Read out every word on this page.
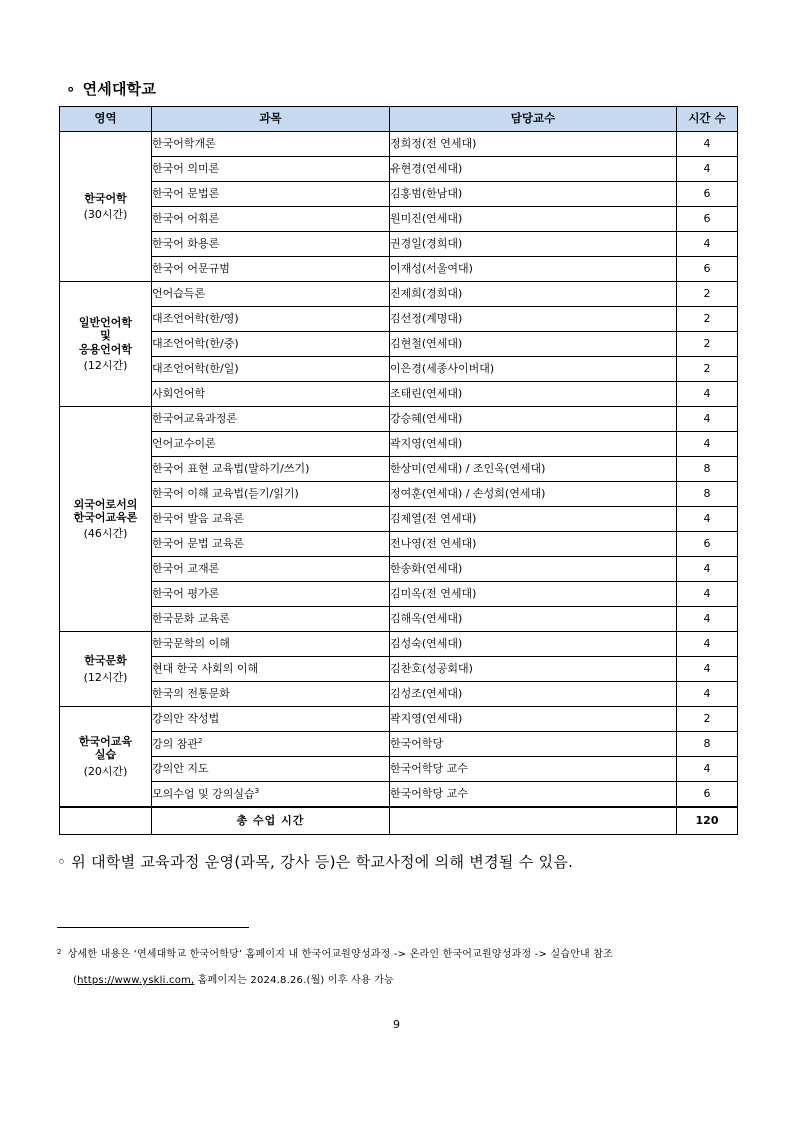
∘ 연세대학교
영역	과목	담당교수	시간 수

한국어학
(30시간)	한국어학개론	정희정(전 연세대)	4
	한국어 의미론	유현경(연세대)	4
	한국어 문법론	김홍범(한남대)	6
	한국어 어휘론	원미진(연세대)	6
	한국어 화용론	권경일(경희대)	4
	한국어 어문규범	이재성(서울여대)	6

일반언어학
및
응용언어학
(12시간)	언어습득론	진제희(경희대)	2
	대조언어학(한/영)	김선정(계명대)	2
	대조언어학(한/중)	김현철(연세대)	2
	대조언어학(한/일)	이은경(세종사이버대)	2
	사회언어학	조태린(연세대)	4

외국어로서의
한국어교육론
(46시간)	한국어교육과정론	강승혜(연세대)	4
	언어교수이론	곽지영(연세대)	4
	한국어 표현 교육법(말하기/쓰기)	한상미(연세대) / 조인옥(연세대)	8
	한국어 이해 교육법(듣기/읽기)	정여훈(연세대) / 손성희(연세대)	8
	한국어 발음 교육론	김제열(전 연세대)	4
	한국어 문법 교육론	전나영(전 연세대)	6
	한국어 교재론	한송화(연세대)	4
	한국어 평가론	김미옥(전 연세대)	4
	한국문화 교육론	김해옥(연세대)	4

한국문화
(12시간)	한국문학의 이해	김성숙(연세대)	4
	현대 한국 사회의 이해	김찬호(성공회대)	4
	한국의 전통문화	김성조(연세대)	4

한국어교육
실습
(20시간)	강의안 작성법	곽지영(연세대)	2
	강의 참관$^2$	한국어학당	8
	강의안 지도	한국어학당 교수	4
	모의수업 및 강의실습$^3$	한국어학당 교수	6
	총 수업 시간		120
◦ 위 대학별 교육과정 운영(과목, 강사 등)은 학교사정에 의해 변경될 수 있음.
$^2$ 상세한 내용은 ‘연세대학교 한국어학당’ 홈페이지 내 한국어교원양성과정 -> 온라인 한국어교원양성과정 -> 실습안내 참조
(https://www.yskli.com, 홈페이지는 2024.8.26.(월) 이후 사용 가능
9
